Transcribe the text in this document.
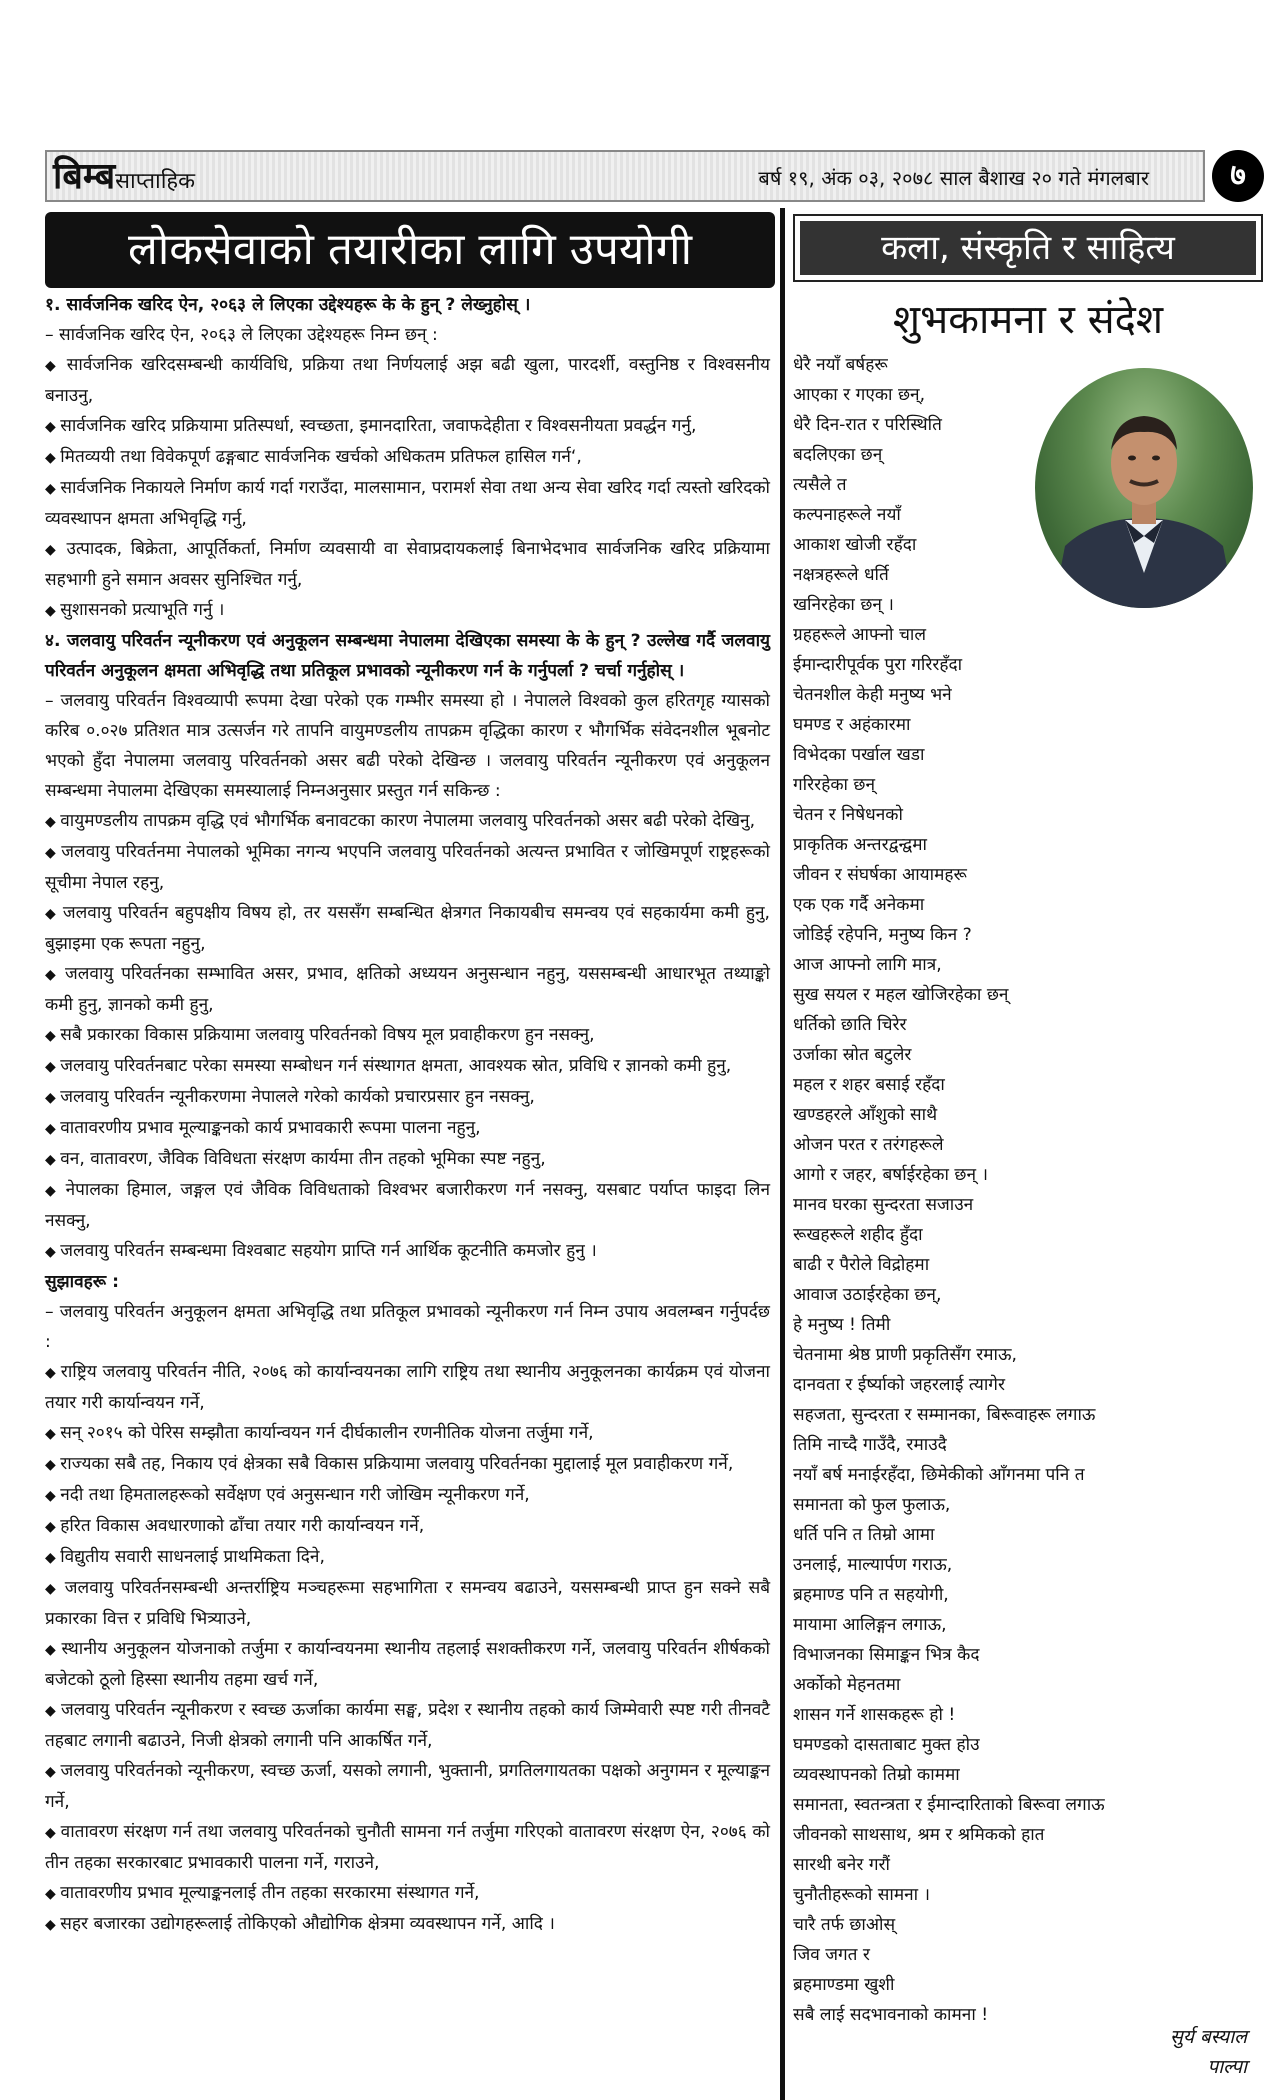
बिम्बसाप्ताहिक	बर्ष १९, अंक ०३, २०७८ साल बैशाख २० गते मंगलबार	७
लोकसेवाको तयारीका लागि उपयोगी	कला, संस्कृति र साहित्य

१. सार्वजनिक खरिद ऐन, २०६३ ले लिएका उद्देश्यहरू के के हुन् ? लेख्नुहोस् ।

– सार्वजनिक खरिद ऐन, २०६३ ले लिएका उद्देश्यहरू निम्न छन् :

◆ सार्वजनिक खरिदसम्बन्धी कार्यविधि, प्रक्रिया तथा निर्णयलाई अझ बढी खुला, पारदर्शी, वस्तुनिष्ठ र विश्वसनीय बनाउनु,

◆ सार्वजनिक खरिद प्रक्रियामा प्रतिस्पर्धा, स्वच्छता, इमानदारिता, जवाफदेहीता र विश्वसनीयता प्रवर्द्धन गर्नु,

◆ मितव्ययी तथा विवेकपूर्ण ढङ्गबाट सार्वजनिक खर्चको अधिकतम प्रतिफल हासिल गर्न‘,

◆ सार्वजनिक निकायले निर्माण कार्य गर्दा गराउँदा, मालसामान, परामर्श सेवा तथा अन्य सेवा खरिद गर्दा त्यस्तो खरिदको व्यवस्थापन क्षमता अभिवृद्धि गर्नु,

◆ उत्पादक, बिक्रेता, आपूर्तिकर्ता, निर्माण व्यवसायी वा सेवाप्रदायकलाई बिनाभेदभाव सार्वजनिक खरिद प्रक्रियामा सहभागी हुने समान अवसर सुनिश्चित गर्नु,

◆ सुशासनको प्रत्याभूति गर्नु ।

४. जलवायु परिवर्तन न्यूनीकरण एवं अनुकूलन सम्बन्धमा नेपालमा देखिएका समस्या के के हुन् ? उल्लेख गर्दै जलवायु परिवर्तन अनुकूलन क्षमता अभिवृद्धि तथा प्रतिकूल प्रभावको न्यूनीकरण गर्न के गर्नुपर्ला ? चर्चा गर्नुहोस् ।

– जलवायु परिवर्तन विश्वव्यापी रूपमा देखा परेको एक गम्भीर समस्या हो । नेपालले विश्वको कुल हरितगृह ग्यासको करिब ०.०२७ प्रतिशत मात्र उत्सर्जन गरे तापनि वायुमण्डलीय तापक्रम वृद्धिका कारण र भौगर्भिक संवेदनशील भूबनोट भएको हुँदा नेपालमा जलवायु परिवर्तनको असर बढी परेको देखिन्छ । जलवायु परिवर्तन न्यूनीकरण एवं अनुकूलन सम्बन्धमा नेपालमा देखिएका समस्यालाई निम्नअनुसार प्रस्तुत गर्न सकिन्छ :

◆ वायुमण्डलीय तापक्रम वृद्धि एवं भौगर्भिक बनावटका कारण नेपालमा जलवायु परिवर्तनको असर बढी परेको देखिनु,

◆ जलवायु परिवर्तनमा नेपालको भूमिका नगन्य भएपनि जलवायु परिवर्तनको अत्यन्त प्रभावित र जोखिमपूर्ण राष्ट्रहरूको सूचीमा नेपाल रहनु,

◆ जलवायु परिवर्तन बहुपक्षीय विषय हो, तर यससँग सम्बन्धित क्षेत्रगत निकायबीच समन्वय एवं सहकार्यमा कमी हुनु, बुझाइमा एक रूपता नहुनु,

◆ जलवायु परिवर्तनका सम्भावित असर, प्रभाव, क्षतिको अध्ययन अनुसन्धान नहुनु, यससम्बन्धी आधारभूत तथ्याङ्को कमी हुनु, ज्ञानको कमी हुनु,

◆ सबै प्रकारका विकास प्रक्रियामा जलवायु परिवर्तनको विषय मूल प्रवाहीकरण हुन नसक्नु,

◆ जलवायु परिवर्तनबाट परेका समस्या सम्बोधन गर्न संस्थागत क्षमता, आवश्यक स्रोत, प्रविधि र ज्ञानको कमी हुनु,

◆ जलवायु परिवर्तन न्यूनीकरणमा नेपालले गरेको कार्यको प्रचारप्रसार हुन नसक्नु,

◆ वातावरणीय प्रभाव मूल्याङ्कनको कार्य प्रभावकारी रूपमा पालना नहुनु,

◆ वन, वातावरण, जैविक विविधता संरक्षण कार्यमा तीन तहको भूमिका स्पष्ट नहुनु,

◆ नेपालका हिमाल, जङ्गल एवं जैविक विविधताको विश्वभर बजारीकरण गर्न नसक्नु, यसबाट पर्याप्त फाइदा लिन नसक्नु,

◆ जलवायु परिवर्तन सम्बन्धमा विश्वबाट सहयोग प्राप्ति गर्न आर्थिक कूटनीति कमजोर हुनु ।

सुझावहरू :

– जलवायु परिवर्तन अनुकूलन क्षमता अभिवृद्धि तथा प्रतिकूल प्रभावको न्यूनीकरण गर्न निम्न उपाय अवलम्बन गर्नुपर्दछ :

◆ राष्ट्रिय जलवायु परिवर्तन नीति, २०७६ को कार्यान्वयनका लागि राष्ट्रिय तथा स्थानीय अनुकूलनका कार्यक्रम एवं योजना तयार गरी कार्यान्वयन गर्ने,

◆ सन् २०१५ को पेरिस सम्झौता कार्यान्वयन गर्न दीर्घकालीन रणनीतिक योजना तर्जुमा गर्ने,

◆ राज्यका सबै तह, निकाय एवं क्षेत्रका सबै विकास प्रक्रियामा जलवायु परिवर्तनका मुद्दालाई मूल प्रवाहीकरण गर्ने,

◆ नदी तथा हिमतालहरूको सर्वेक्षण एवं अनुसन्धान गरी जोखिम न्यूनीकरण गर्ने,

◆ हरित विकास अवधारणाको ढाँचा तयार गरी कार्यान्वयन गर्ने,

◆ विद्युतीय सवारी साधनलाई प्राथमिकता दिने,

◆ जलवायु परिवर्तनसम्बन्धी अन्तर्राष्ट्रिय मञ्चहरूमा सहभागिता र समन्वय बढाउने, यससम्बन्धी प्राप्त हुन सक्ने सबै प्रकारका वित्त र प्रविधि भित्र्याउने,

◆ स्थानीय अनुकूलन योजनाको तर्जुमा र कार्यान्वयनमा स्थानीय तहलाई सशक्तीकरण गर्ने, जलवायु परिवर्तन शीर्षकको बजेटको ठूलो हिस्सा स्थानीय तहमा खर्च गर्ने,

◆ जलवायु परिवर्तन न्यूनीकरण र स्वच्छ ऊर्जाका कार्यमा सङ्घ, प्रदेश र स्थानीय तहको कार्य जिम्मेवारी स्पष्ट गरी तीनवटै तहबाट लगानी बढाउने, निजी क्षेत्रको लगानी पनि आकर्षित गर्ने,

◆ जलवायु परिवर्तनको न्यूनीकरण, स्वच्छ ऊर्जा, यसको लगानी, भुक्तानी, प्रगतिलगायतका पक्षको अनुगमन र मूल्याङ्कन गर्ने,

◆ वातावरण संरक्षण गर्न तथा जलवायु परिवर्तनको चुनौती सामना गर्न तर्जुमा गरिएको वातावरण संरक्षण ऐन, २०७६ को तीन तहका सरकारबाट प्रभावकारी पालना गर्ने, गराउने,

◆ वातावरणीय प्रभाव मूल्याङ्कनलाई तीन तहका सरकारमा संस्थागत गर्ने,

◆ सहर बजारका उद्योगहरूलाई तोकिएको औद्योगिक क्षेत्रमा व्यवस्थापन गर्ने, आदि ।

शुभकामना र संदेश

धेरै नयाँ बर्षहरू

आएका र गएका छन्,

धेरै दिन-रात र परिस्थिति

बदलिएका छन्

त्यसैले त

कल्पनाहरूले नयाँ

आकाश खोजी रहँदा

नक्षत्रहरूले धर्ति

खनिरहेका छन् ।

ग्रहहरूले आफ्नो चाल

ईमान्दारीपूर्वक पुरा गरिरहँदा

चेतनशील केही मनुष्य भने

घमण्ड र अहंकारमा

विभेदका पर्खाल खडा

गरिरहेका छन्

चेतन र निषेधनको

प्राकृतिक अन्तरद्वन्द्वमा

जीवन र संघर्षका आयामहरू

एक एक गर्दै अनेकमा

जोडिई रहेपनि, मनुष्य किन ?

आज आफ्नो लागि मात्र,

सुख सयल र महल खोजिरहेका छन्

धर्तिको छाति चिरेर

उर्जाका स्रोत बटुलेर

महल र शहर बसाई रहँदा

खण्डहरले आँशुको साथै

ओजन परत र तरंगहरूले

आगो र जहर, बर्षाईरहेका छन् ।

मानव घरका सुन्दरता सजाउन

रूखहरूले शहीद हुँदा

बाढी र पैरोले विद्रोहमा

आवाज उठाईरहेका छन्,

हे मनुष्य ! तिमी

चेतनामा श्रेष्ठ प्राणी प्रकृतिसँग रमाऊ,

दानवता र ईर्ष्याको जहरलाई त्यागेर

सहजता, सुन्दरता र सम्मानका, बिरूवाहरू लगाऊ

तिमि नाच्दै गाउँदै, रमाउदै

नयाँ बर्ष मनाईरहँदा, छिमेकीको आँगनमा पनि त

समानता को फुल फुलाऊ,

धर्ति पनि त तिम्रो आमा

उनलाई, माल्यार्पण गराऊ,

ब्रहमाण्ड पनि त सहयोगी,

मायामा आलिङ्गन लगाऊ,

विभाजनका सिमाङ्कन भित्र कैद

अर्कोको मेहनतमा

शासन गर्ने शासकहरू हो !

घमण्डको दासताबाट मुक्त होउ

व्यवस्थापनको तिम्रो काममा

समानता, स्वतन्त्रता र ईमान्दारिताको बिरूवा लगाऊ

जीवनको साथसाथ, श्रम र श्रमिकको हात

सारथी बनेर गरौं

चुनौतीहरूको सामना ।

चारै तर्फ छाओस्

जिव जगत र

ब्रहमाण्डमा खुशी

सबै लाई सदभावनाको कामना !

सुर्य बस्याल
पाल्पा
